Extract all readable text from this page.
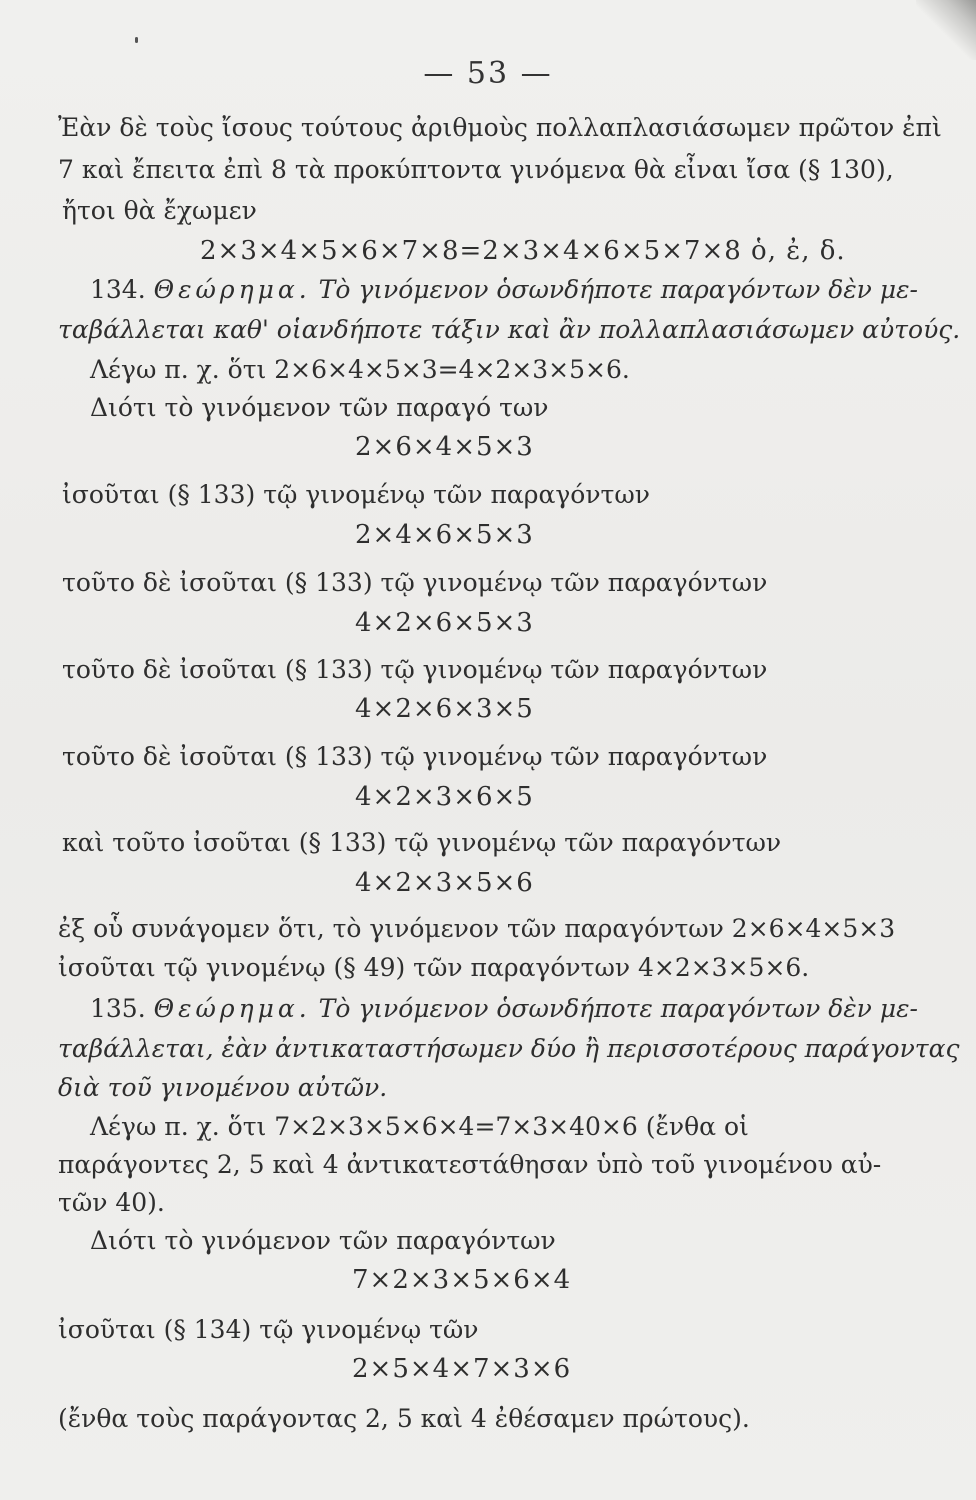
— 53 —
Ἐὰν δὲ τοὺς ἴσους τούτους ἀριθμοὺς πολλαπλασιάσωμεν πρῶτον ἐπὶ
7 καὶ ἔπειτα ἐπὶ 8 τὰ προκύπτοντα γινόμενα θὰ εἶναι ἴσα (§ 130),
ἤτοι θὰ ἔχωμεν
2×3×4×5×6×7×8=2×3×4×6×5×7×8 ὁ, ἐ, δ.
134. Θεώρημα. Τὸ γινόμενον ὁσωνδήποτε παραγόντων δὲν με-
ταβάλλεται καθ' οἱανδήποτε τάξιν καὶ ἂν πολλαπλασιάσωμεν αὐτούς.
Λέγω π. χ. ὅτι 2×6×4×5×3=4×2×3×5×6.
Διότι τὸ γινόμενον τῶν παραγό των
2×6×4×5×3
ἰσοῦται (§ 133) τῷ γινομένῳ τῶν παραγόντων
2×4×6×5×3
τοῦτο δὲ ἰσοῦται (§ 133) τῷ γινομένῳ τῶν παραγόντων
4×2×6×5×3
τοῦτο δὲ ἰσοῦται (§ 133) τῷ γινομένῳ τῶν παραγόντων
4×2×6×3×5
τοῦτο δὲ ἰσοῦται (§ 133) τῷ γινομένῳ τῶν παραγόντων
4×2×3×6×5
καὶ τοῦτο ἰσοῦται (§ 133) τῷ γινομένῳ τῶν παραγόντων
4×2×3×5×6
ἐξ οὗ συνάγομεν ὅτι, τὸ γινόμενον τῶν παραγόντων 2×6×4×5×3
ἰσοῦται τῷ γινομένῳ (§ 49) τῶν παραγόντων 4×2×3×5×6.
135. Θεώρημα. Τὸ γινόμενον ὁσωνδήποτε παραγόντων δὲν με-
ταβάλλεται, ἐὰν ἀντικαταστήσωμεν δύο ἢ περισσοτέρους παράγοντας
διὰ τοῦ γινομένου αὐτῶν.
Λέγω π. χ. ὅτι 7×2×3×5×6×4=7×3×40×6 (ἔνθα οἱ
παράγοντες 2, 5 καὶ 4 ἀντικατεστάθησαν ὑπὸ τοῦ γινομένου αὐ-
τῶν 40).
Διότι τὸ γινόμενον τῶν παραγόντων
7×2×3×5×6×4
ἰσοῦται (§ 134) τῷ γινομένῳ τῶν
2×5×4×7×3×6
(ἔνθα τοὺς παράγοντας 2, 5 καὶ 4 ἐθέσαμεν πρώτους).
